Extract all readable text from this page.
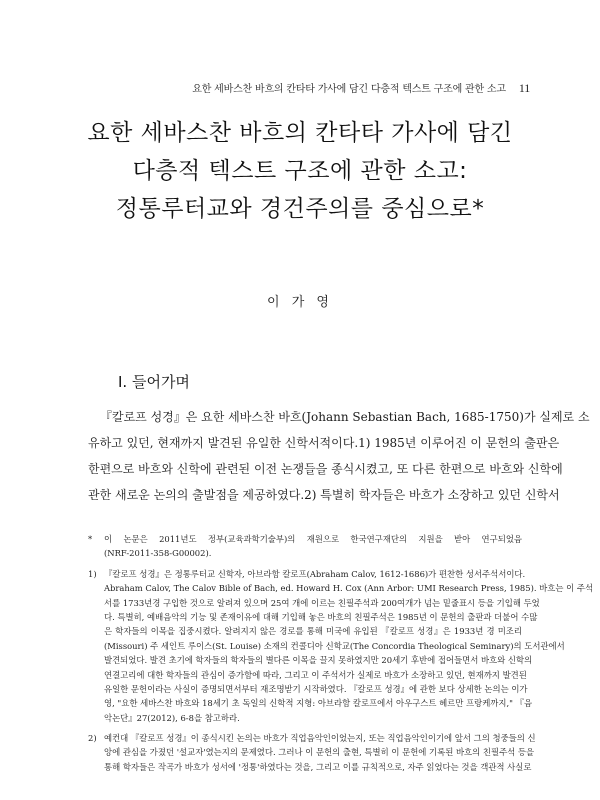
요한 세바스찬 바흐의 칸타타 가사에 담긴 다층적 텍스트 구조에 관한 소고 11
요한 세바스찬 바흐의 칸타타 가사에 담긴
다층적 텍스트 구조에 관한 소고:
정통루터교와 경건주의를 중심으로*
이 가 영
I. 들어가며
『칼로프 성경』은 요한 세바스찬 바흐(Johann Sebastian Bach, 1685-1750)가 실제로 소
유하고 있던, 현재까지 발견된 유일한 신학서적이다.1) 1985년 이루어진 이 문헌의 출판은
한편으로 바흐와 신학에 관련된 이전 논쟁들을 종식시켰고, 또 다른 한편으로 바흐와 신학에
관한 새로운 논의의 출발점을 제공하였다.2) 특별히 학자들은 바흐가 소장하고 있던 신학서
* 이 논문은 2011년도 정부(교육과학기술부)의 재원으로 한국연구재단의 지원을 받아 연구되었음
(NRF-2011-358-G00002).
1) 『칼로프 성경』은 정통루터교 신학자, 아브라함 칼로프(Abraham Calov, 1612-1686)가 편찬한 성서주석서이다.
Abraham Calov, The Calov Bible of Bach, ed. Howard H. Cox (Ann Arbor: UMI Research Press, 1985). 바흐는 이 주석
서를 1733년경 구입한 것으로 알려져 있으며 25여 개에 이르는 친필주석과 200여개가 넘는 밑줄표시 등을 기입해 두었
다. 특별히, 예배음악의 기능 및 존재이유에 대해 기입해 놓은 바흐의 친필주석은 1985년 이 문헌의 출판과 더불어 수많
은 학자들의 이목을 집중시켰다. 알려지지 않은 경로를 통해 미국에 유입된 『칼로프 성경』은 1933년 경 미조리
(Missouri) 주 세인트 루이스(St. Louise) 소재의 컨콜디아 신학교(The Concordia Theological Seminary)의 도서관에서
발견되었다. 발견 초기에 학자들의 학자들의 별다른 이목을 끌지 못하였지만 20세기 후반에 접어들면서 바흐와 신학의
연결고리에 대한 학자들의 관심이 증가함에 따라, 그리고 이 주석서가 실제로 바흐가 소장하고 있던, 현재까지 발견된
유일한 문헌이라는 사실이 증명되면서부터 재조명받기 시작하였다. 『칼로프 성경』에 관한 보다 상세한 논의는 이가
영, "요한 세바스찬 바흐와 18세기 초 독일의 신학적 지형: 아브라함 칼로프에서 아우구스트 헤르만 프랑케까지," 『음
악논단』27(2012), 6-8을 참고하라.
2) 예컨대 『칼로프 성경』이 종식시킨 논의는 바흐가 직업음악인이었는지, 또는 직업음악인이기에 앞서 그의 청중들의 신
앙에 관심을 가졌던 '설교자'였는지의 문제였다. 그러나 이 문헌의 출현, 특별히 이 문헌에 기록된 바흐의 친필주석 등을
통해 학자들은 작곡가 바흐가 성서에 '정통'하였다는 것을, 그리고 이를 규칙적으로, 자주 읽었다는 것을 객관적 사실로
